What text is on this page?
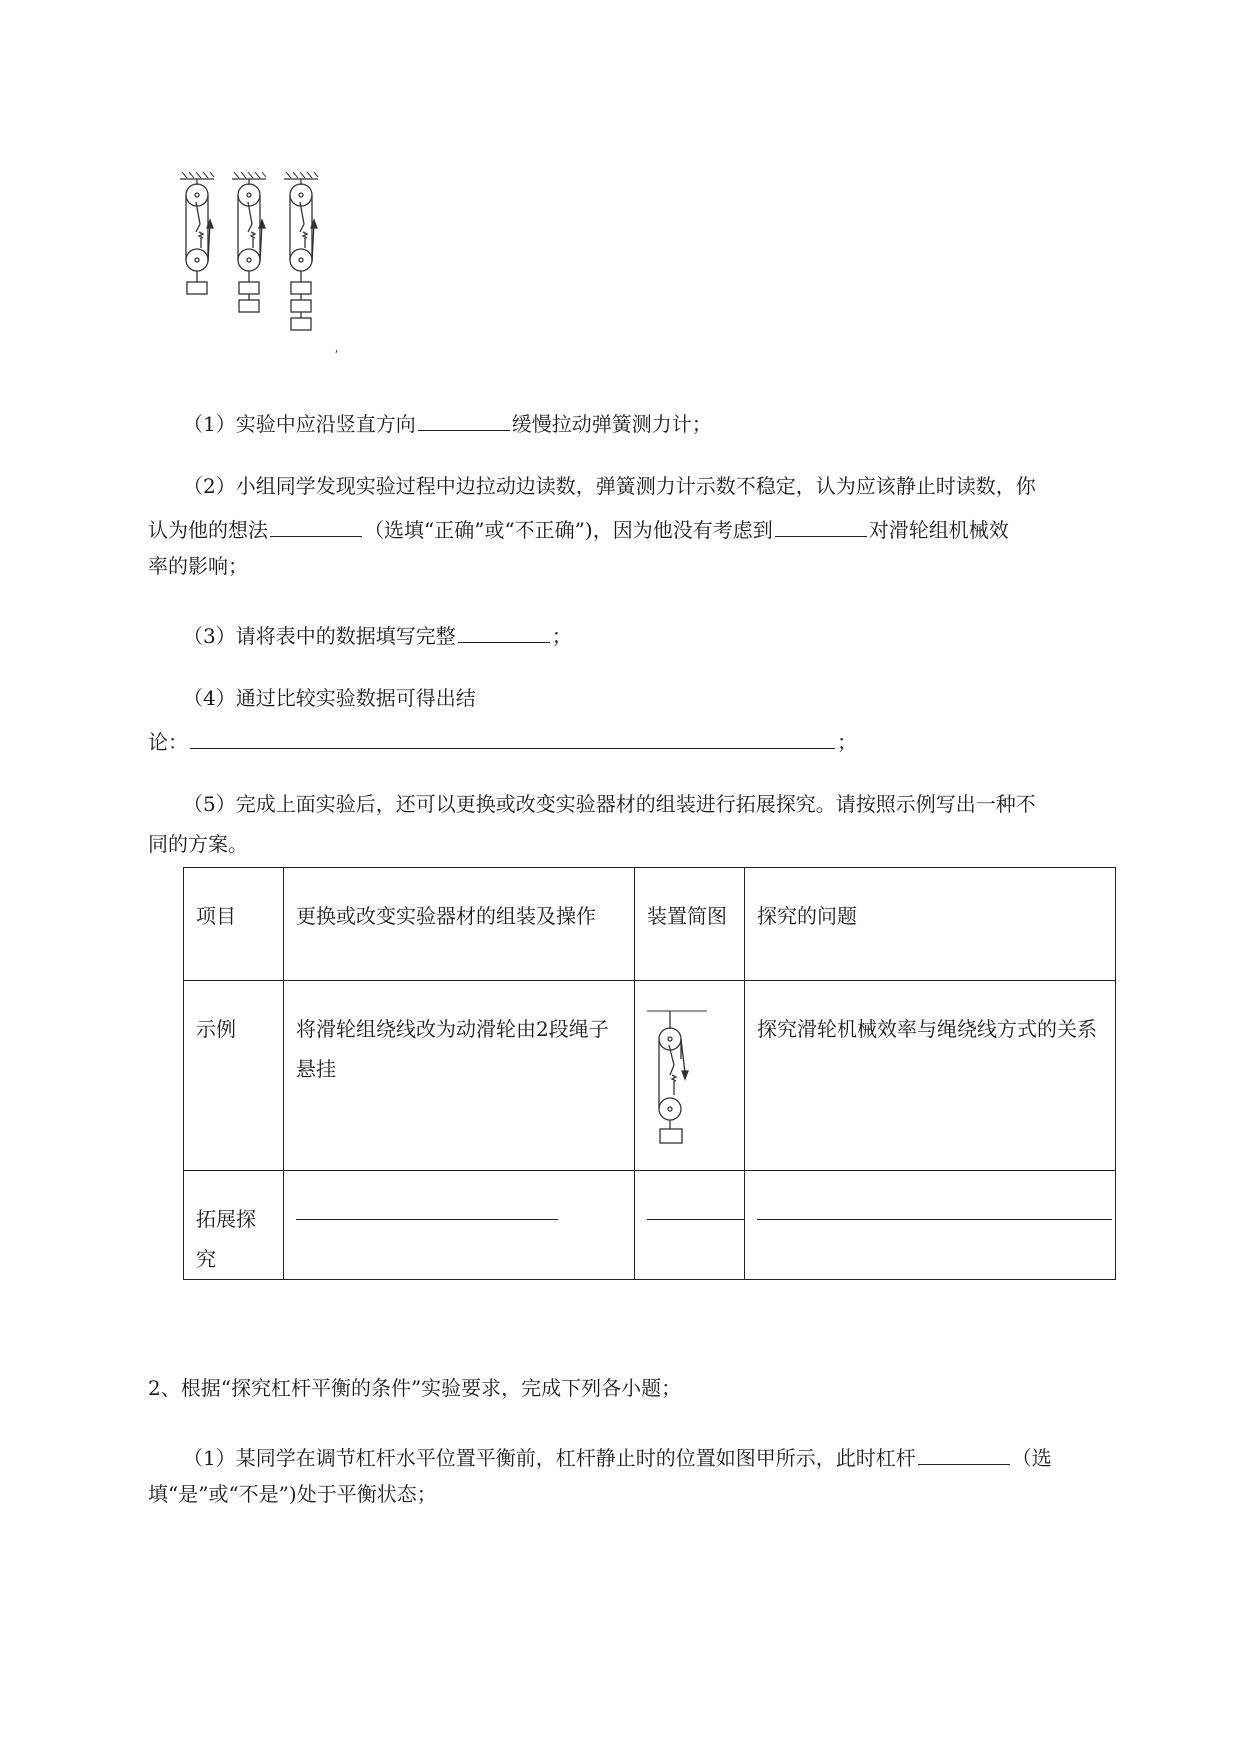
（1）实验中应沿竖直方向	缓慢拉动弹簧测力计；
（2）小组同学发现实验过程中边拉动边读数，弹簧测力计示数不稳定，认为应该静止时读数，你
认为他的想法	（选填“正确”或“不正确”)，因为他没有考虑到	对滑轮组机械效
率的影响；
（3）请将表中的数据填写完整	；
（4）通过比较实验数据可得出结
论：	；
（5）完成上面实验后，还可以更换或改变实验器材的组装进行拓展探究。请按照示例写出一种不
同的方案。
项目	更换或改变实验器材的组装及操作	装置简图	探究的问题
示例	将滑轮组绕线改为动滑轮由2段绳子悬挂		探究滑轮机械效率与绳绕线方式的关系
拓展探究	

2、根据“探究杠杆平衡的条件”实验要求，完成下列各小题；
（1）某同学在调节杠杆水平位置平衡前，杠杆静止时的位置如图甲所示，此时杠杆	（选
填“是”或“不是”)处于平衡状态；
